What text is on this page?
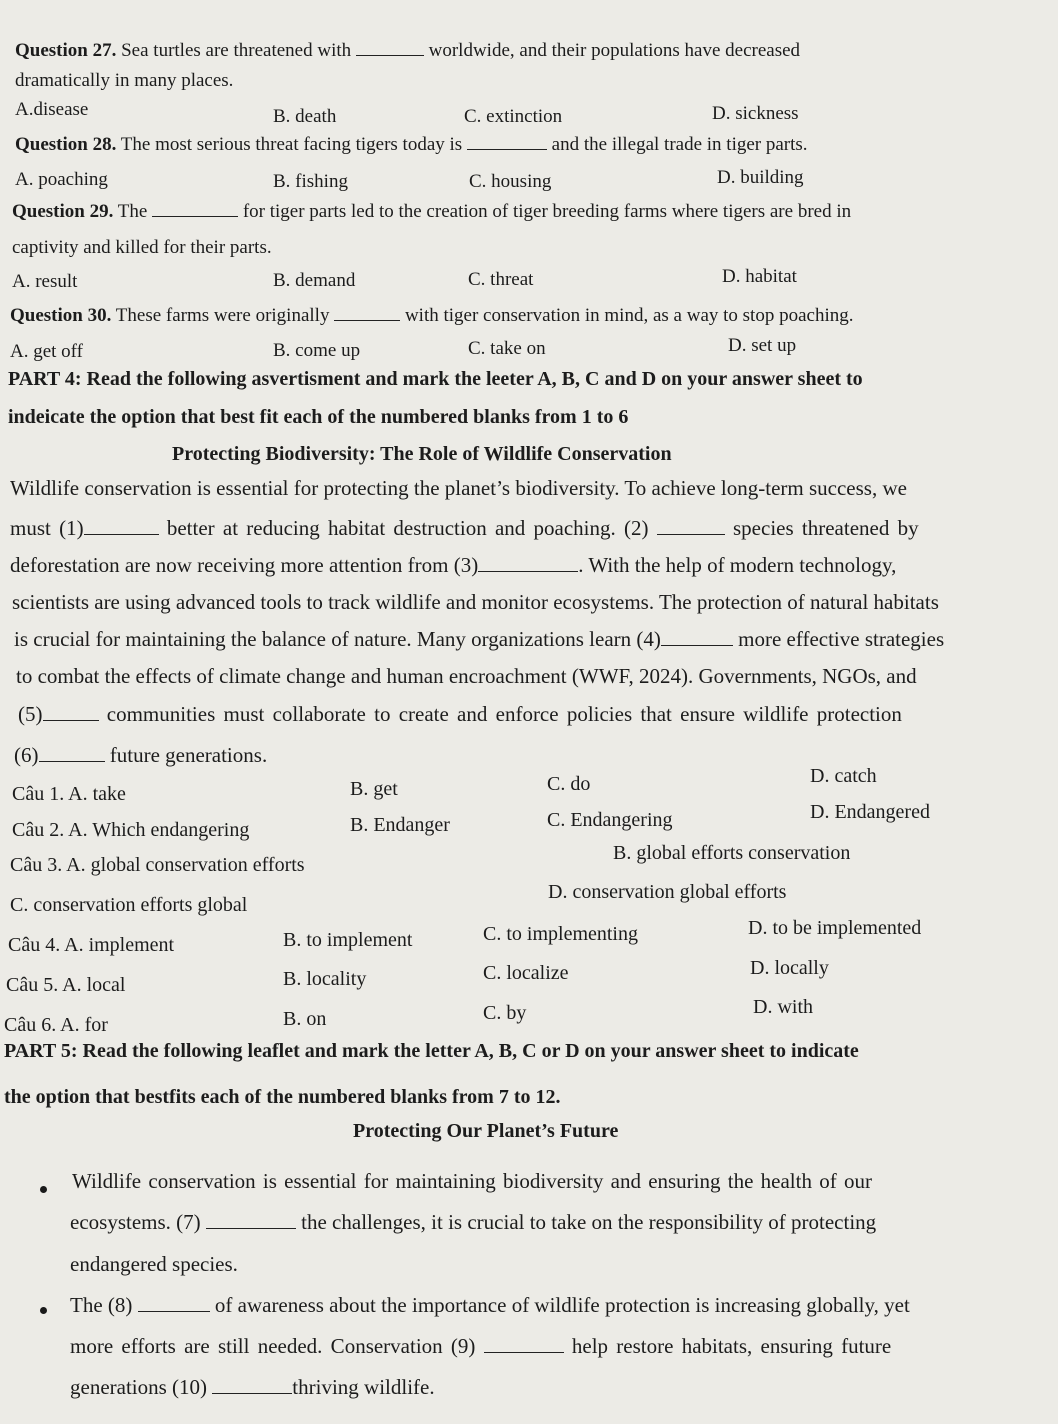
Question 27. Sea turtles are threatened with	worldwide, and their populations have decreased
dramatically in many places.
A.disease	B. death	C. extinction	D. sickness
Question 28. The most serious threat facing tigers today is	and the illegal trade in tiger parts.
A. poaching	B. fishing	C. housing	D. building
Question 29. The	for tiger parts led to the creation of tiger breeding farms where tigers are bred in
captivity and killed for their parts.
A. result	B. demand	C. threat	D. habitat
Question 30. These farms were originally	with tiger conservation in mind, as a way to stop poaching.
A. get off	B. come up	C. take on	D. set up
PART 4: Read the following asvertisment and mark the leeter A, B, C and D on your answer sheet to
indeicate the option that best fit each of the numbered blanks from 1 to 6
Protecting Biodiversity: The Role of Wildlife Conservation
Wildlife conservation is essential for protecting the planet’s biodiversity. To achieve long-term success, we
must (1)	better at reducing habitat destruction and poaching. (2)	species threatened by
deforestation are now receiving more attention from (3)	. With the help of modern technology,
scientists are using advanced tools to track wildlife and monitor ecosystems. The protection of natural habitats
is crucial for maintaining the balance of nature. Many organizations learn (4)	more effective strategies
to combat the effects of climate change and human encroachment (WWF, 2024). Governments, NGOs, and
(5)	communities must collaborate to create and enforce policies that ensure wildlife protection
(6)	future generations.
Câu 1. A. take	B. get	C. do	D. catch
Câu 2. A. Which endangering	B. Endanger	C. Endangering	D. Endangered
Câu 3. A. global conservation efforts
B. global efforts conservation
C. conservation efforts global
D. conservation global efforts
Câu 4. A. implement	B. to implement	C. to implementing	D. to be implemented
Câu 5. A. local	B. locality	C. localize	D. locally
Câu 6. A. for	B. on	C. by	D. with
PART 5: Read the following leaflet and mark the letter A, B, C or D on your answer sheet to indicate
the option that bestfits each of the numbered blanks from 7 to 12.
Protecting Our Planet’s Future
Wildlife conservation is essential for maintaining biodiversity and ensuring the health of our
ecosystems. (7)	the challenges, it is crucial to take on the responsibility of protecting
endangered species.
The (8)	of awareness about the importance of wildlife protection is increasing globally, yet
more efforts are still needed. Conservation (9)	help restore habitats, ensuring future
generations (10)	thriving wildlife.
